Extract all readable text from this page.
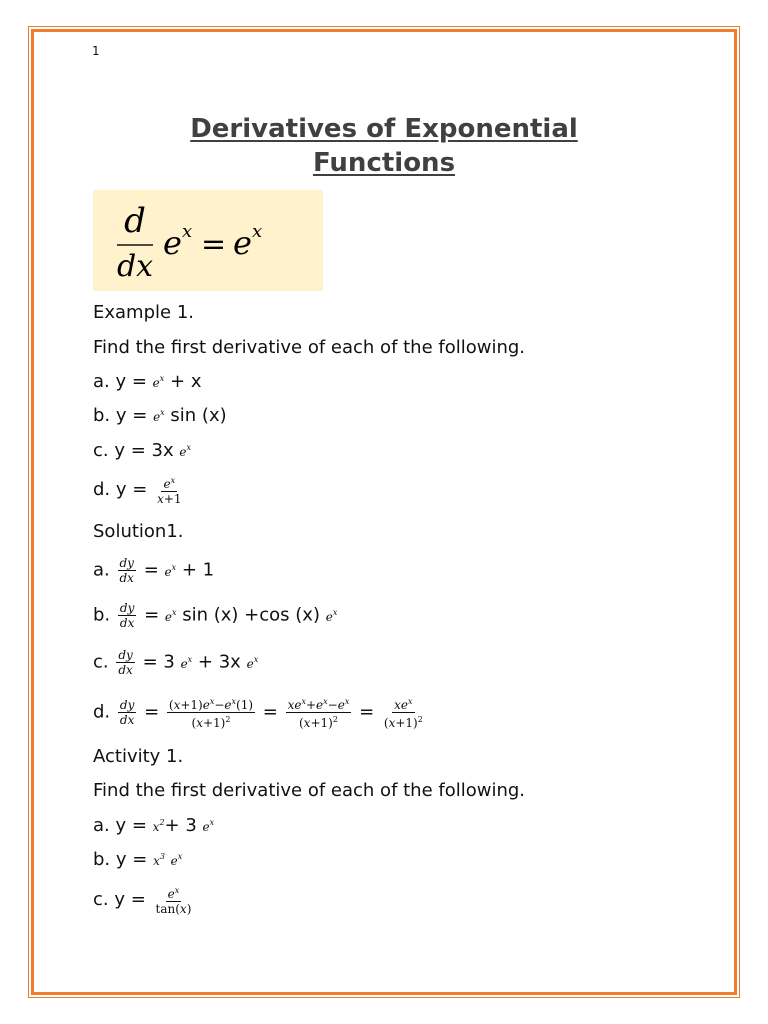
1
Derivatives of Exponential
Functions
d
dx
e x = e x
Example 1.
Find the first derivative of each of the following.
a. $y = e^x + x$
b. $y = e^x$ sin (x)
c. y = 3x $e^x$
d. $y = \frac{e^x}{x+1}$
Solution1.
a. $\frac{dy}{dx} = e^x + 1$
b. $\frac{dy}{dx} = e^x$ sin (x) +cos (x) $e^x$
c. $\frac{dy}{dx} = 3$ $e^x + 3x$ $e^x$
d. $\frac{dy}{dx} = \frac{(x+1)e^x-e^x(1)}{(x+1)^2} = \frac{xe^x+e^x-e^x}{(x+1)^2} = \frac{xe^x}{(x+1)^2}$
Activity 1.
Find the first derivative of each of the following.
a. $y = x^2+ 3$ $e^x$
b. $y = x^3$ $e^x$
c. $y = \frac{e^x}{\tan(x)}$
